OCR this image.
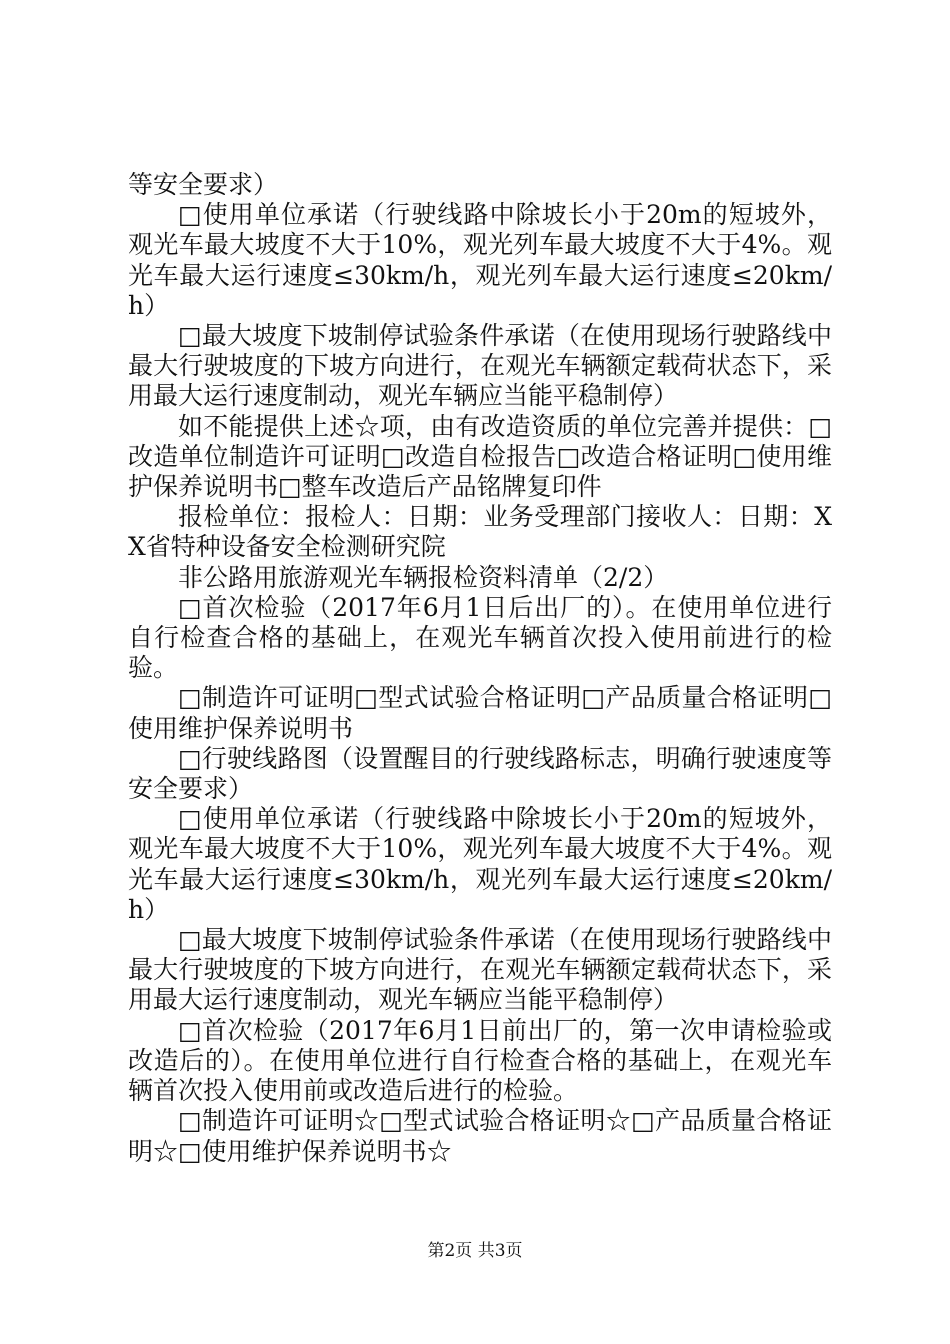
等安全要求）

□使用单位承诺（行驶线路中除坡长小于20m的短坡外，观光车最大坡度不大于10%，观光列车最大坡度不大于4%。观光车最大运行速度≤30km/h，观光列车最大运行速度≤20km/h）

□最大坡度下坡制停试验条件承诺（在使用现场行驶路线中最大行驶坡度的下坡方向进行，在观光车辆额定载荷状态下，采用最大运行速度制动，观光车辆应当能平稳制停）

如不能提供上述☆项，由有改造资质的单位完善并提供：□改造单位制造许可证明□改造自检报告□改造合格证明□使用维护保养说明书□整车改造后产品铭牌复印件

报检单位：报检人：日期：业务受理部门接收人：日期：XX省特种设备安全检测研究院

非公路用旅游观光车辆报检资料清单（2/2）

□首次检验（2017年6月1日后出厂的）。在使用单位进行自行检查合格的基础上，在观光车辆首次投入使用前进行的检验。

□制造许可证明□型式试验合格证明□产品质量合格证明□使用维护保养说明书

□行驶线路图（设置醒目的行驶线路标志，明确行驶速度等安全要求）

□使用单位承诺（行驶线路中除坡长小于20m的短坡外，观光车最大坡度不大于10%，观光列车最大坡度不大于4%。观光车最大运行速度≤30km/h，观光列车最大运行速度≤20km/h）

□最大坡度下坡制停试验条件承诺（在使用现场行驶路线中最大行驶坡度的下坡方向进行，在观光车辆额定载荷状态下，采用最大运行速度制动，观光车辆应当能平稳制停）

□首次检验（2017年6月1日前出厂的，第一次申请检验或改造后的）。在使用单位进行自行检查合格的基础上，在观光车辆首次投入使用前或改造后进行的检验。

□制造许可证明☆□型式试验合格证明☆□产品质量合格证明☆□使用维护保养说明书☆

第2页 共3页
